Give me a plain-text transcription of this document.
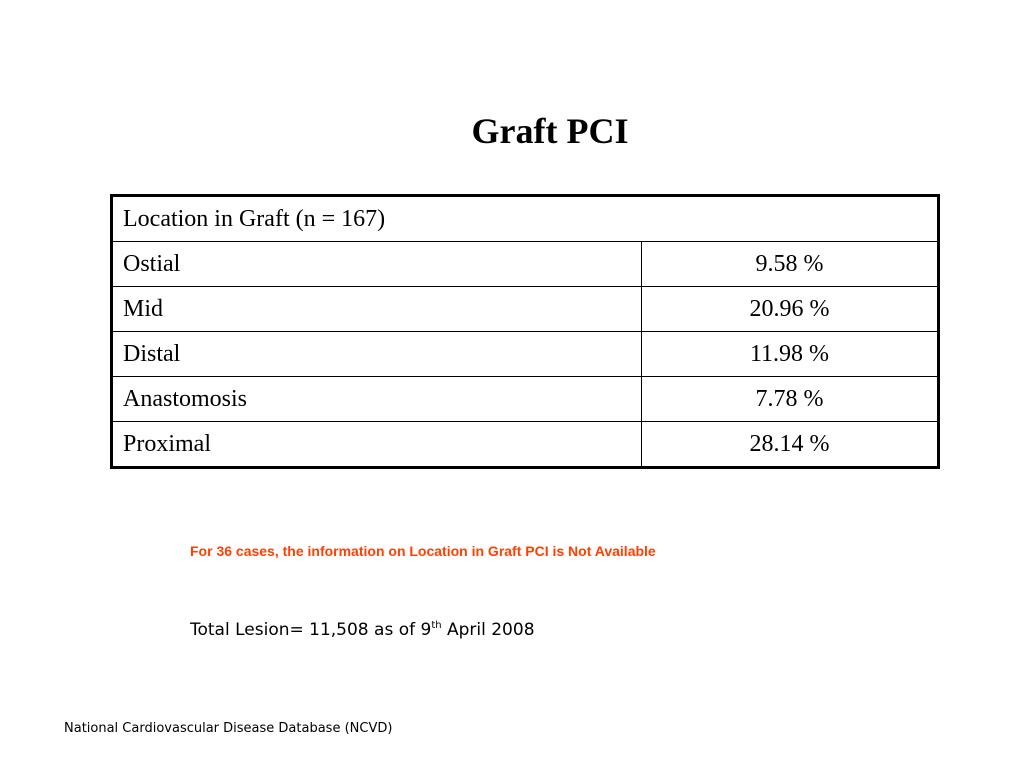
Graft PCI
Location in Graft (n = 167)	
Ostial	9.58 %
Mid	20.96 %
Distal	11.98 %
Anastomosis	7.78 %
Proximal	28.14 %
For 36 cases, the information on Location in Graft PCI is Not Available
Total Lesion= 11,508 as of 9th April 2008
National Cardiovascular Disease Database (NCVD)
